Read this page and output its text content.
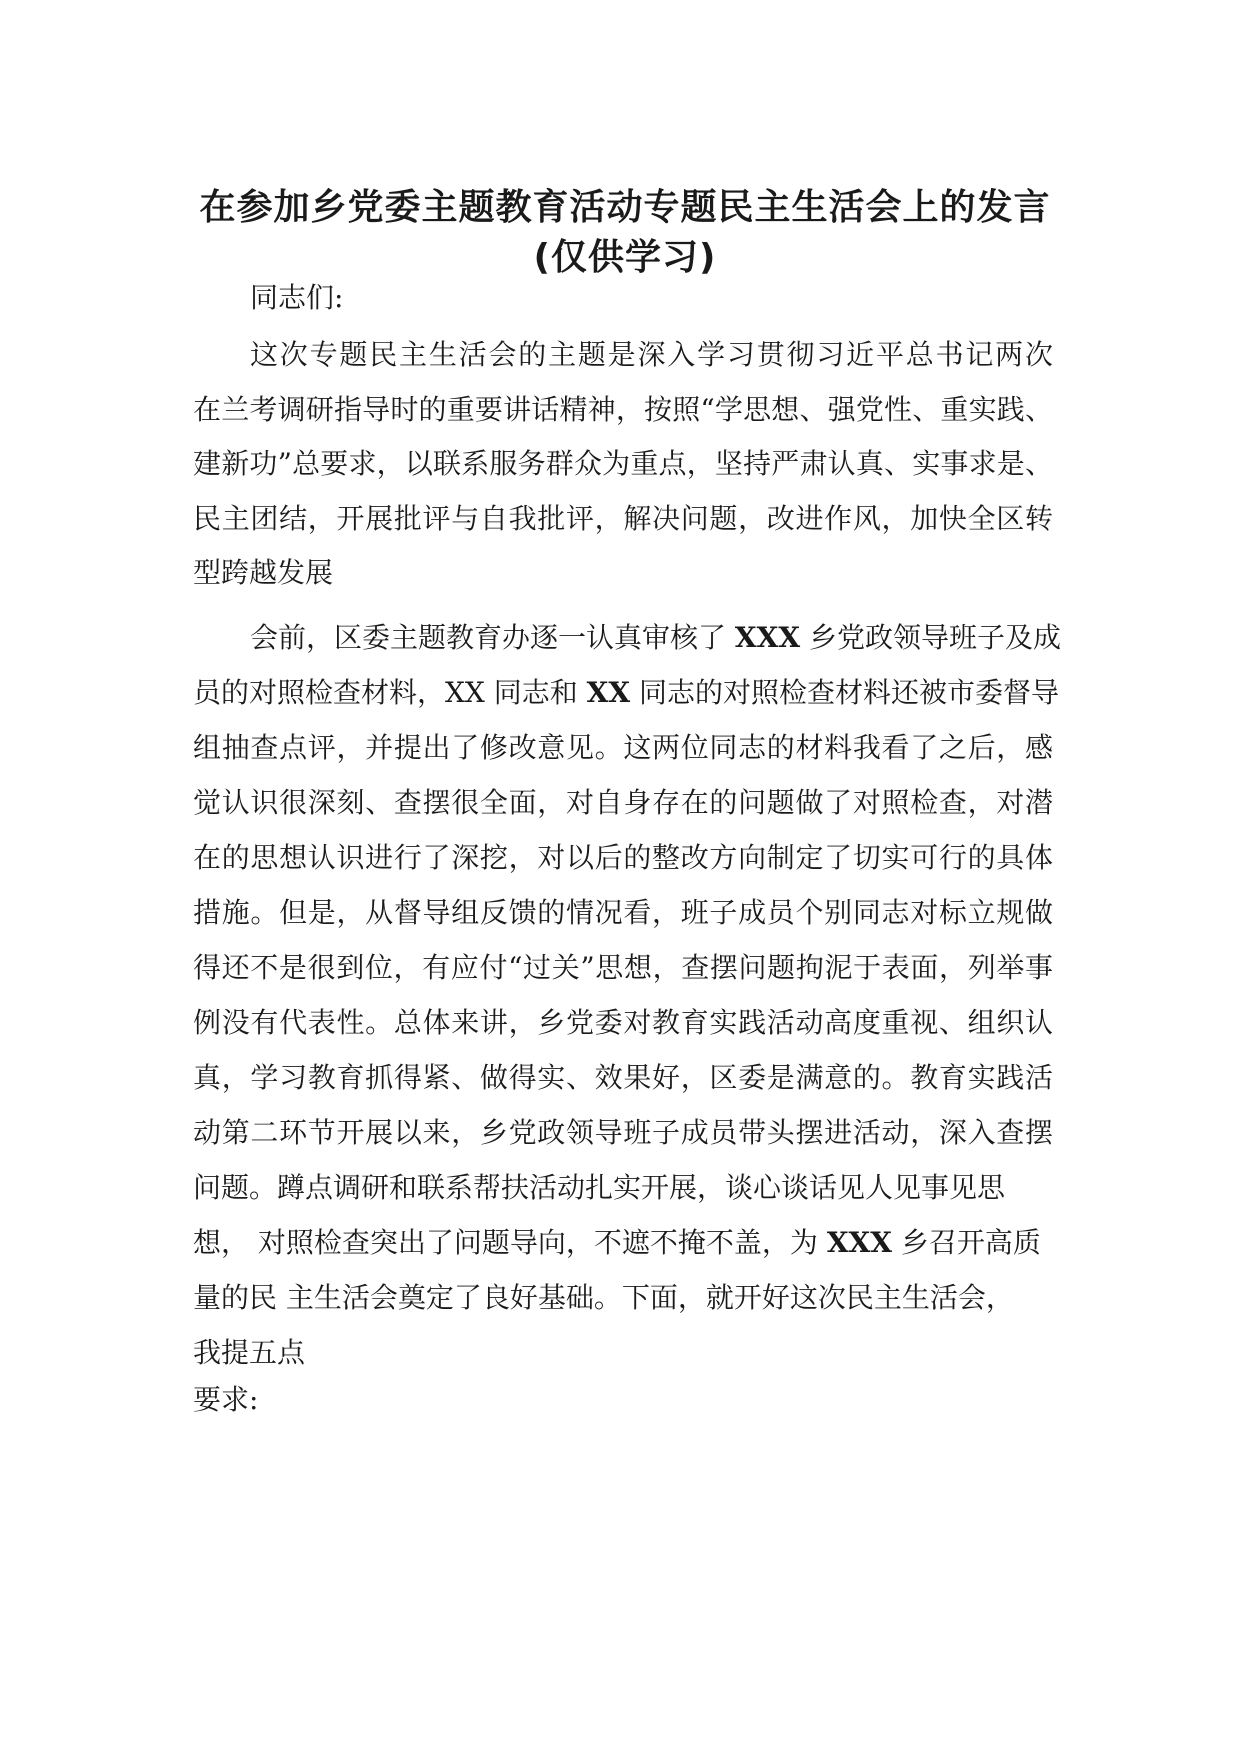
在参加乡党委主题教育活动专题民主生活会上的发言(仅供学习)

同志们:

这次专题民主生活会的主题是深入学习贯彻习近平总书记两次

在兰考调研指导时的重要讲话精神，按照“学思想、强党性、重实践、

建新功”总要求，以联系服务群众为重点，坚持严肃认真、实事求是、

民主团结，开展批评与自我批评，解决问题，改进作风，加快全区转

型跨越发展

会前，区委主题教育办逐一认真审核了 XXX 乡党政领导班子及成

员的对照检查材料，XX 同志和 XX 同志的对照检查材料还被市委督导

组抽查点评，并提出了修改意见。这两位同志的材料我看了之后，感

觉认识很深刻、查摆很全面，对自身存在的问题做了对照检查，对潜

在的思想认识进行了深挖，对以后的整改方向制定了切实可行的具体

措施。但是，从督导组反馈的情况看，班子成员个别同志对标立规做

得还不是很到位，有应付“过关”思想，查摆问题拘泥于表面，列举事

例没有代表性。总体来讲，乡党委对教育实践活动高度重视、组织认

真，学习教育抓得紧、做得实、效果好，区委是满意的。教育实践活

动第二环节开展以来，乡党政领导班子成员带头摆进活动，深入查摆

问题。蹲点调研和联系帮扶活动扎实开展，谈心谈话见人见事见思

想， 对照检查突出了问题导向，不遮不掩不盖，为 XXX 乡召开高质

量的民 主生活会奠定了良好基础。下面，就开好这次民主生活会，

我提五点

要求:
